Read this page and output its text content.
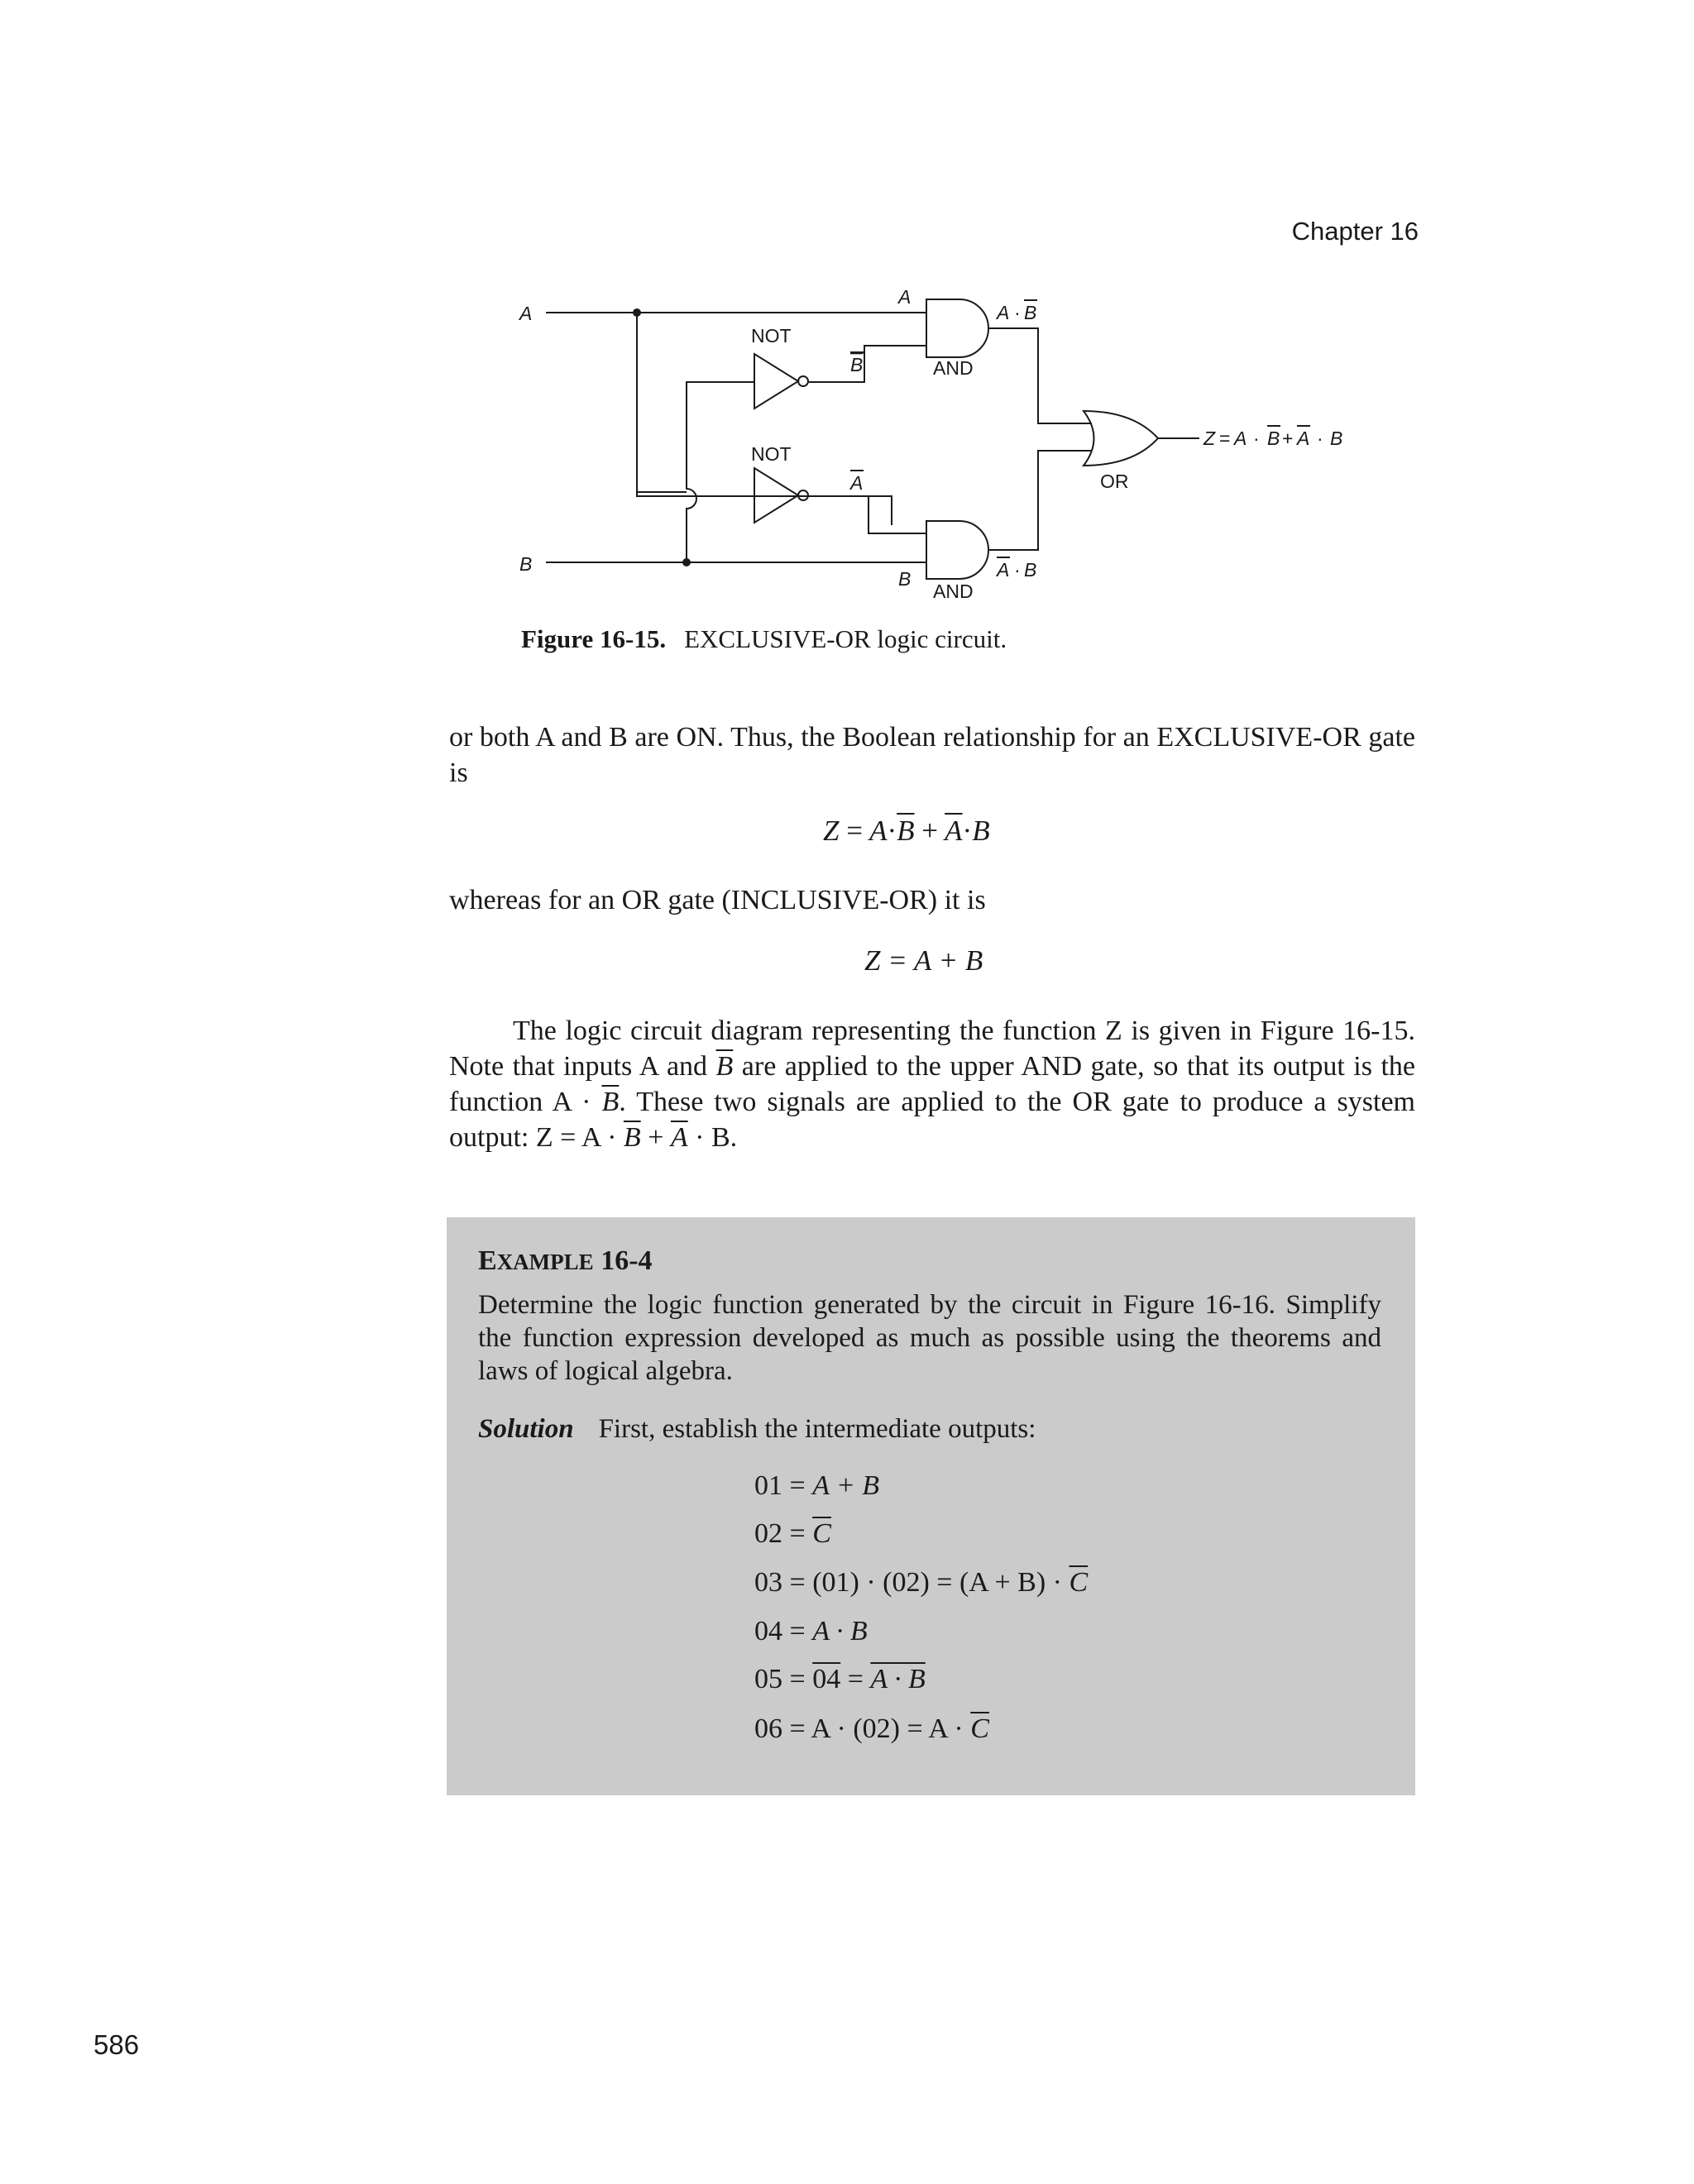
Chapter 16
A
B
NOT
NOT
B
A
A
A · B
AND
B	A · B
AND
OR
Z = A · B + A · B
Figure 16-15. EXCLUSIVE-OR logic circuit.
or both A and B are ON. Thus, the Boolean relationship for an EXCLUSIVE-OR gate is
$Z = A\cdot\overline{B} + \overline{A}\cdot B$
whereas for an OR gate (INCLUSIVE-OR) it is
Z = A + B
The logic circuit diagram representing the function Z is given in Figure 16-15. Note that inputs A and $\overline{B}$ are applied to the upper AND gate, so that its output is the function $A \cdot \overline{B}$. These two signals are applied to the OR gate to produce a system output: $Z = A \cdot \overline{B} + \overline{A} \cdot B$.
EXAMPLE 16-4
Determine the logic function generated by the circuit in Figure 16-16. Simplify the function expression developed as much as possible using the theorems and laws of logical algebra.
Solution First, establish the intermediate outputs:
01 = A + B
$02 = \overline{C}$
$03 = (01) \cdot (02) = (A + B) \cdot \overline{C}$
04 = A · B
05 = 04 = A · B
$06 = A \cdot (02) = A \cdot \overline{C}$
586
